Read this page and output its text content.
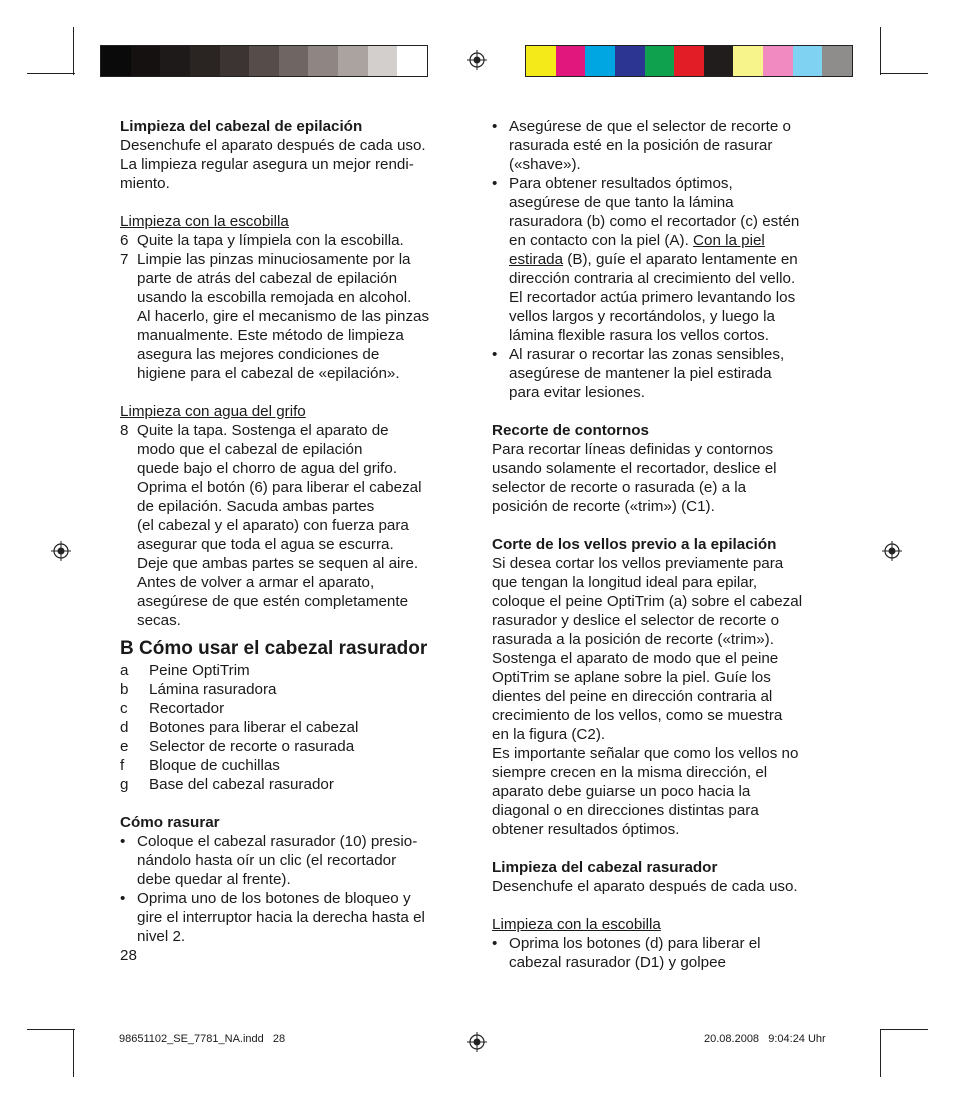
Limpieza del cabezal de epilación

Desenchufe el aparato después de cada uso.

La limpieza regular asegura un mejor rendi-

miento.

Limpieza con la escobilla

6 Quite la tapa y límpiela con la escobilla.

7 Limpie las pinzas minuciosamente por la

parte de atrás del cabezal de epilación

usando la escobilla remojada en alcohol.

Al hacerlo, gire el mecanismo de las pinzas

manualmente. Este método de limpieza

asegura las mejores condiciones de

higiene para el cabezal de «epilación».

Limpieza con agua del grifo

8 Quite la tapa. Sostenga el aparato de

modo que el cabezal de epilación

quede bajo el chorro de agua del grifo.

Oprima el botón (6) para liberar el cabezal

de epilación. Sacuda ambas partes

(el cabezal y el aparato) con fuerza para

asegurar que toda el agua se escurra.

Deje que ambas partes se sequen al aire.

Antes de volver a armar el aparato,

asegúrese de que estén completamente

secas.

B Cómo usar el cabezal rasurador

a	Peine OptiTrim
b	Lámina rasuradora
c	Recortador
d	Botones para liberar el cabezal
e	Selector de recorte o rasurada
f	Bloque de cuchillas
g	Base del cabezal rasurador

Cómo rasurar

• Coloque el cabezal rasurador (10) presio-

nándolo hasta oír un clic (el recortador

debe quedar al frente).

• Oprima uno de los botones de bloqueo y

gire el interruptor hacia la derecha hasta el

nivel 2.

28

• Asegúrese de que el selector de recorte o

rasurada esté en la posición de rasurar

(«shave»).

• Para obtener resultados óptimos,

asegúrese de que tanto la lámina

rasuradora (b) como el recortador (c) estén

en contacto con la piel (A). Con la piel

estirada (B), guíe el aparato lentamente en

dirección contraria al crecimiento del vello.

El recortador actúa primero levantando los

vellos largos y recortándolos, y luego la

lámina flexible rasura los vellos cortos.

• Al rasurar o recortar las zonas sensibles,

asegúrese de mantener la piel estirada

para evitar lesiones.

Recorte de contornos

Para recortar líneas definidas y contornos

usando solamente el recortador, deslice el

selector de recorte o rasurada (e) a la

posición de recorte («trim») (C1).

Corte de los vellos previo a la epilación

Si desea cortar los vellos previamente para

que tengan la longitud ideal para epilar,

coloque el peine OptiTrim (a) sobre el cabezal

rasurador y deslice el selector de recorte o

rasurada a la posición de recorte («trim»).

Sostenga el aparato de modo que el peine

OptiTrim se aplane sobre la piel. Guíe los

dientes del peine en dirección contraria al

crecimiento de los vellos, como se muestra

en la figura (C2).

Es importante señalar que como los vellos no

siempre crecen en la misma dirección, el

aparato debe guiarse un poco hacia la

diagonal o en direcciones distintas para

obtener resultados óptimos.

Limpieza del cabezal rasurador

Desenchufe el aparato después de cada uso.

Limpieza con la escobilla

• Oprima los botones (d) para liberar el

cabezal rasurador (D1) y golpee

98651102_SE_7781_NA.indd   28	20.08.2008   9:04:24 Uhr
